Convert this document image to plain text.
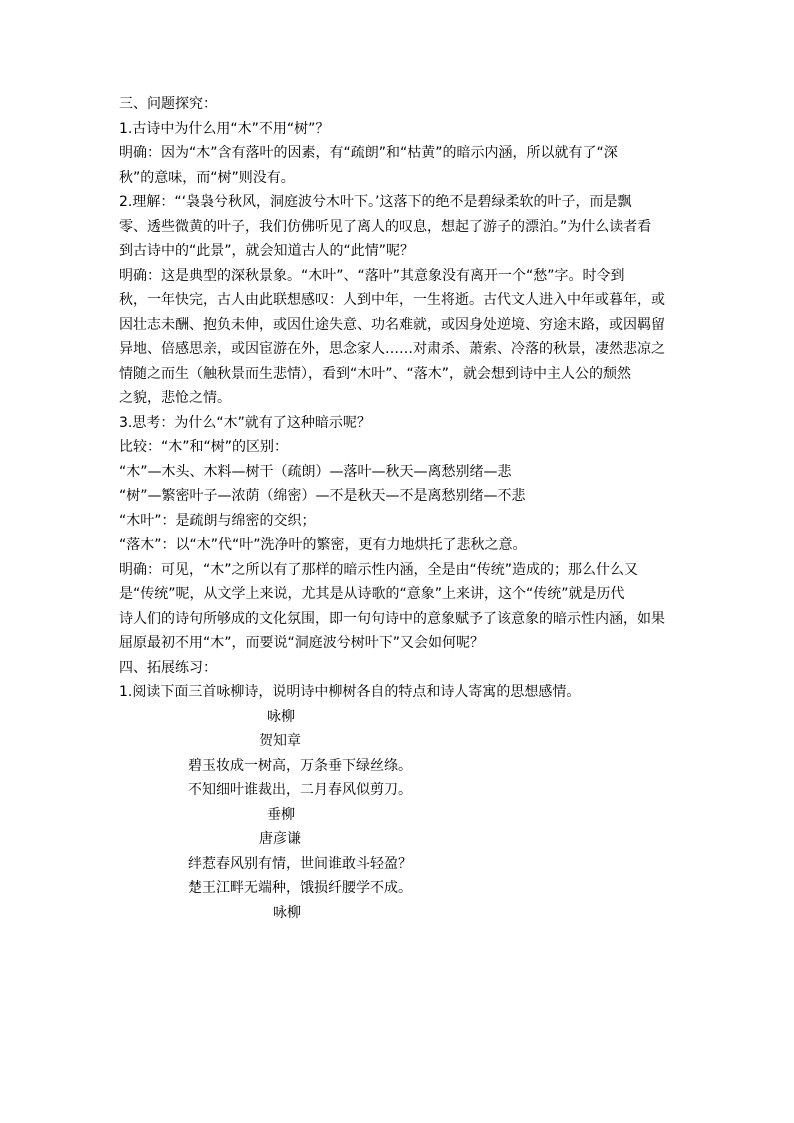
三、问题探究：
1.古诗中为什么用“木”不用“树”？
明确：因为“木”含有落叶的因素，有“疏朗”和“枯黄”的暗示内涵，所以就有了“深
秋”的意味，而“树”则没有。
2.理解：“‘袅袅兮秋风，洞庭波兮木叶下。’这落下的绝不是碧绿柔软的叶子，而是飘
零、透些微黄的叶子，我们仿佛听见了离人的叹息，想起了游子的漂泊。”为什么读者看
到古诗中的“此景”，就会知道古人的“此情”呢？
明确：这是典型的深秋景象。“木叶”、“落叶”其意象没有离开一个“愁”字。时令到
秋，一年快完，古人由此联想感叹：人到中年，一生将逝。古代文人进入中年或暮年，或
因壮志未酬、抱负未伸，或因仕途失意、功名难就，或因身处逆境、穷途末路，或因羁留
异地、倍感思亲，或因宦游在外，思念家人……对肃杀、萧索、冷落的秋景，凄然悲凉之
情随之而生（触秋景而生悲情），看到“木叶”、“落木”，就会想到诗中主人公的颓然
之貌，悲怆之情。
3.思考：为什么“木”就有了这种暗示呢？
比较：“木”和“树”的区别：
“木”—木头、木料—树干（疏朗）—落叶—秋天—离愁别绪—悲
“树”—繁密叶子—浓荫（绵密）—不是秋天—不是离愁别绪—不悲
“木叶”：是疏朗与绵密的交织；
“落木”：以“木”代“叶”洗净叶的繁密，更有力地烘托了悲秋之意。
明确：可见，“木”之所以有了那样的暗示性内涵，全是由“传统”造成的；那么什么又
是“传统”呢，从文学上来说，尤其是从诗歌的“意象”上来讲，这个“传统”就是历代
诗人们的诗句所够成的文化氛围，即一句句诗中的意象赋予了该意象的暗示性内涵，如果
屈原最初不用“木”，而要说“洞庭波兮树叶下”又会如何呢？
四、拓展练习：
1.阅读下面三首咏柳诗，说明诗中柳树各自的特点和诗人寄寓的思想感情。
咏柳
贺知章
碧玉妆成一树高，万条垂下绿丝绦。
不知细叶谁裁出，二月春风似剪刀。
垂柳
唐彦谦
绊惹春风别有情，世间谁敢斗轻盈？
楚王江畔无端种，饿损纤腰学不成。
咏柳
